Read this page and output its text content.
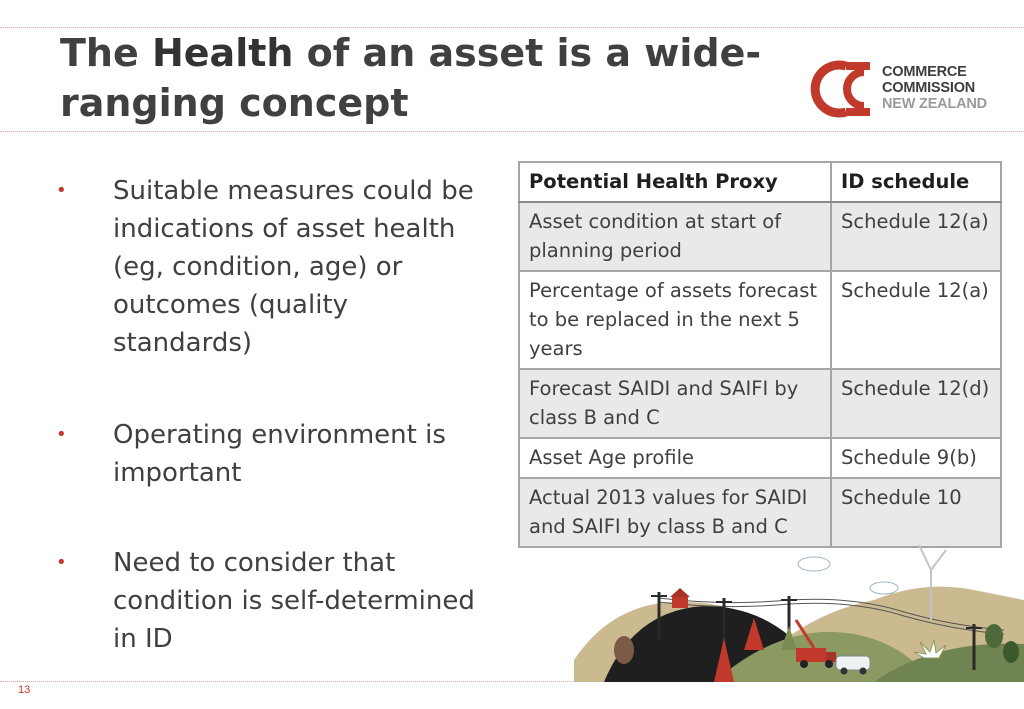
The Health of an asset is a wide-ranging concept
COMMERCE
COMMISSION
NEW ZEALAND
• Suitable measures could be indications of asset health (eg, condition, age) or outcomes (quality standards)
• Operating environment is important
• Need to consider that condition is self-determined in ID
Potential Health Proxy	ID schedule
Asset condition at start of planning period	Schedule 12(a)
Percentage of assets forecast to be replaced in the next 5 years	Schedule 12(a)
Forecast SAIDI and SAIFI by class B and C	Schedule 12(d)
Asset Age profile	Schedule 9(b)
Actual 2013 values for SAIDI and SAIFI by class B and C	Schedule 10
13
